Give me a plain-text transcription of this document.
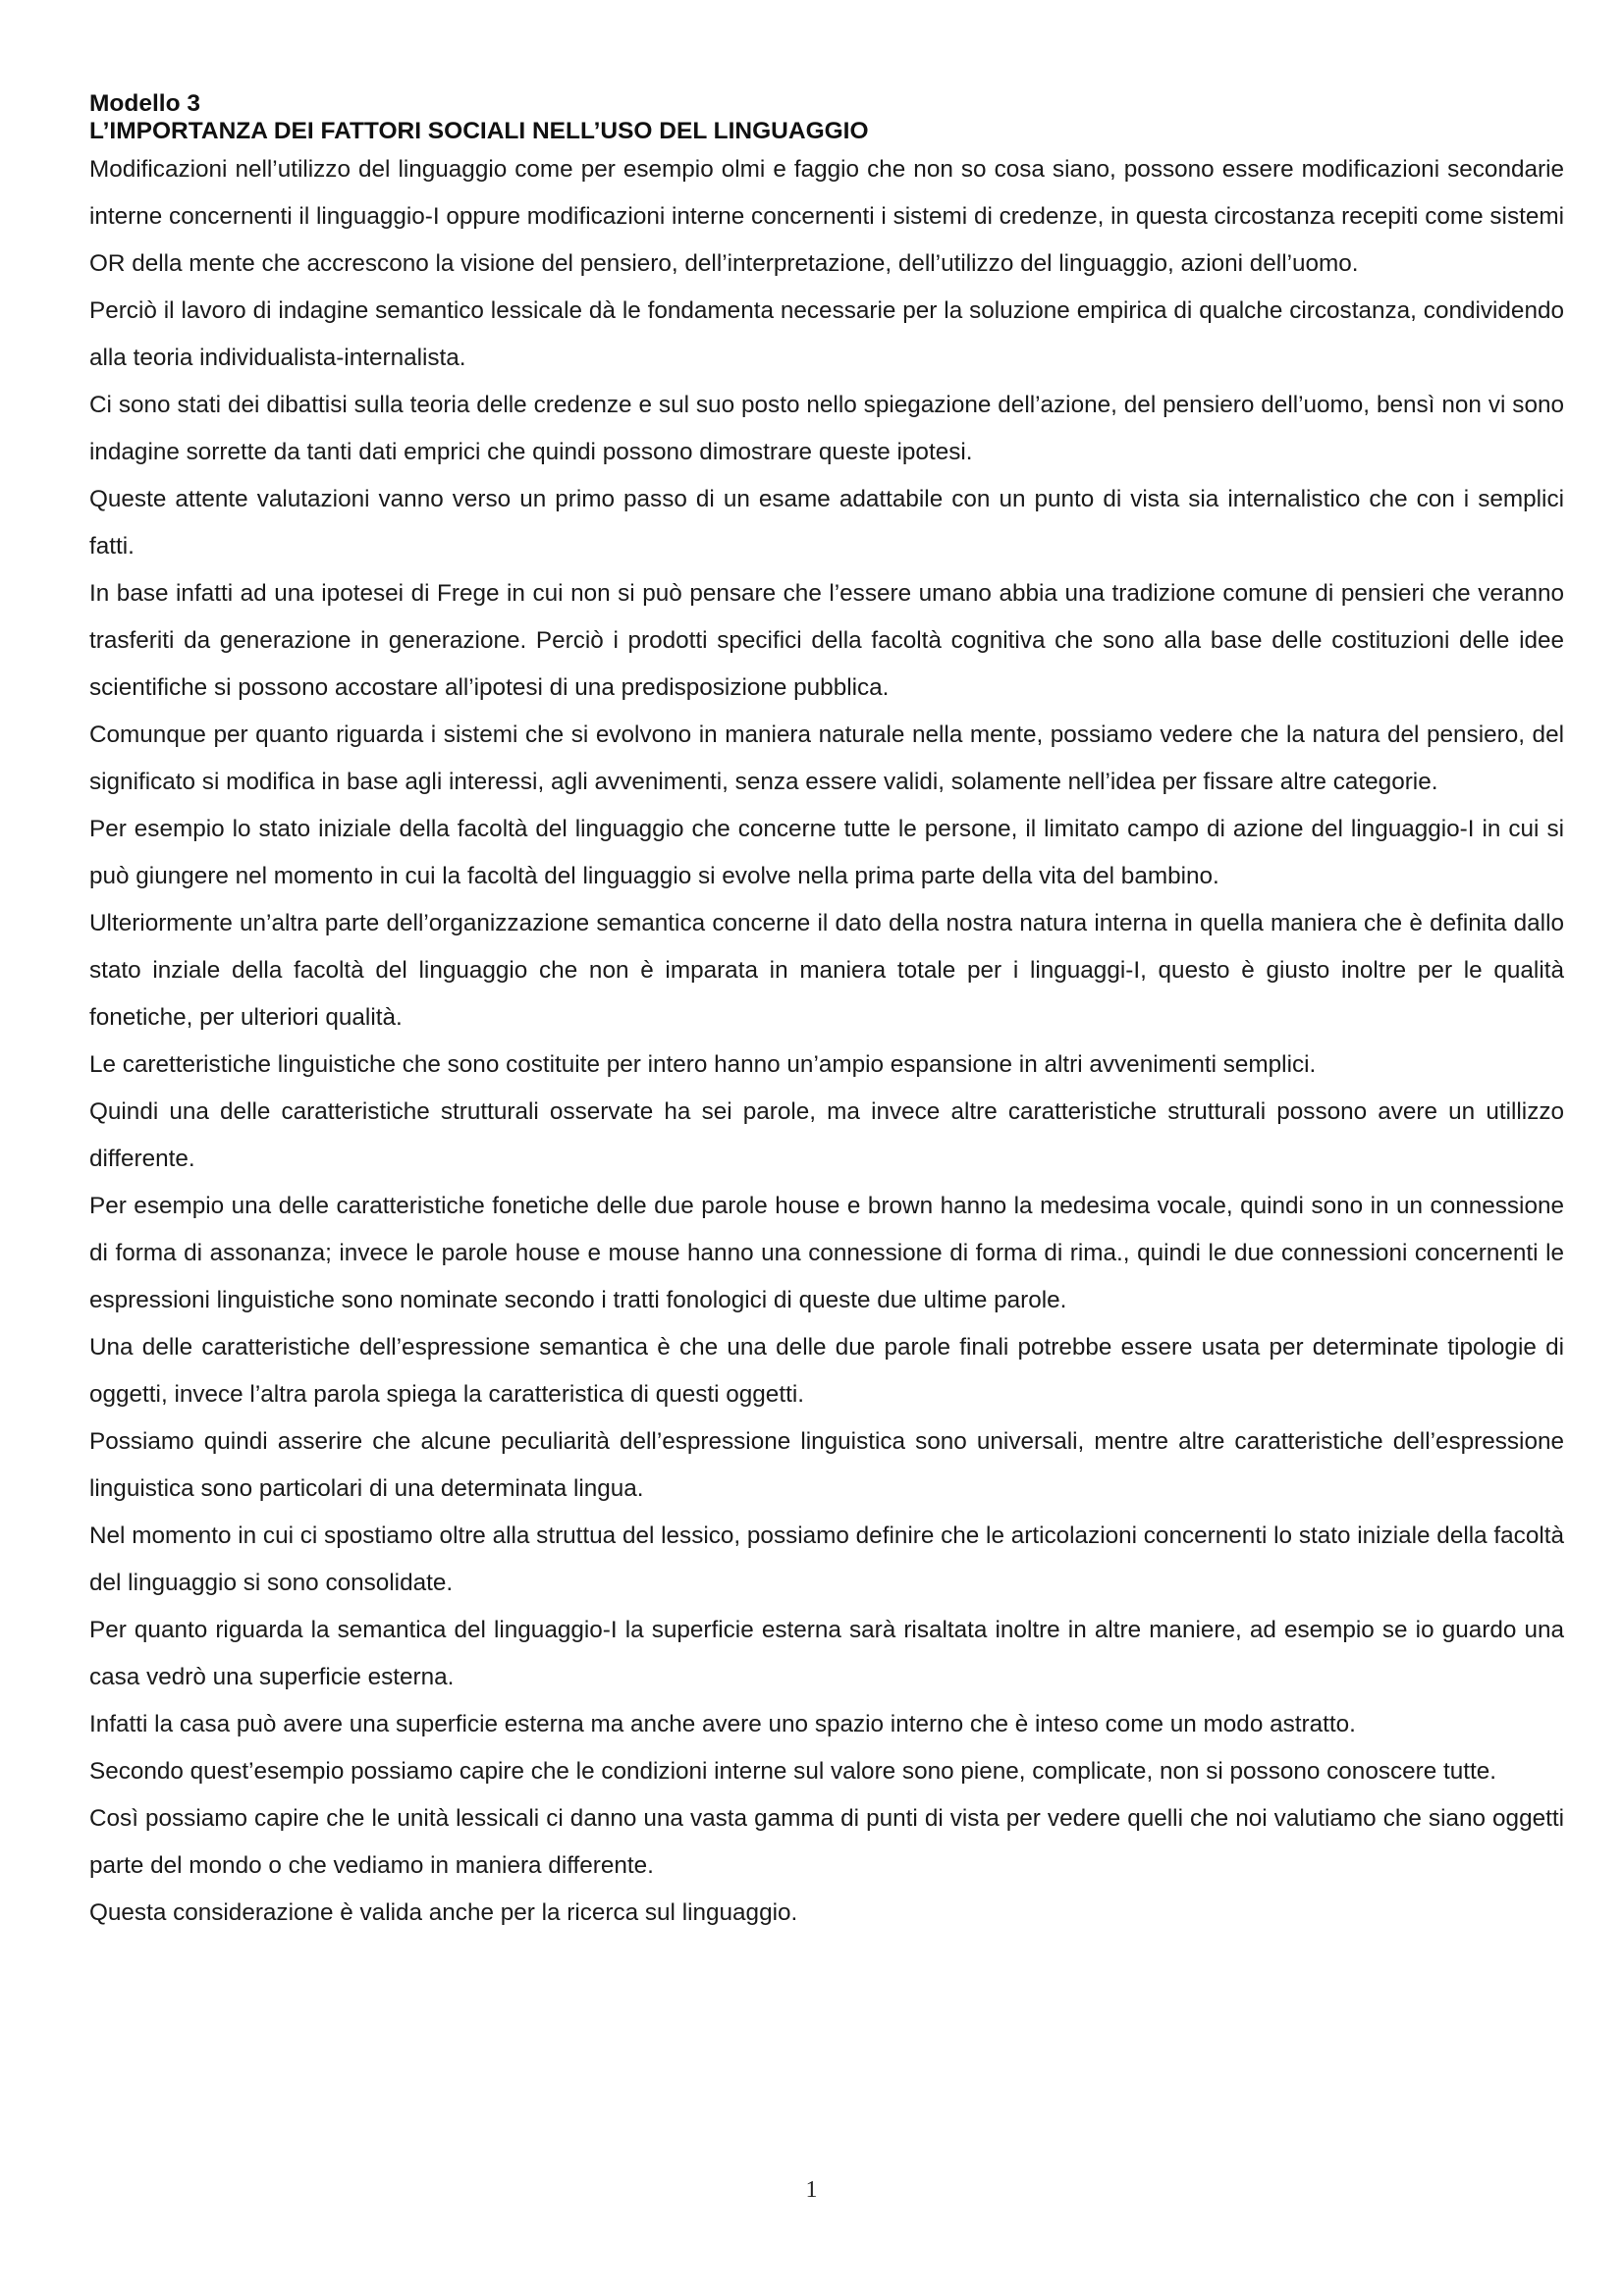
Modello 3

L’IMPORTANZA DEI FATTORI SOCIALI NELL’USO DEL LINGUAGGIO

Modificazioni nell’utilizzo del linguaggio come per esempio olmi e faggio che non so cosa siano, possono essere modificazioni secondarie interne concernenti il linguaggio-I oppure modificazioni interne concernenti i sistemi di credenze, in questa circostanza recepiti come sistemi OR della mente che accrescono la visione del pensiero, dell’interpretazione, dell’utilizzo del linguaggio, azioni dell’uomo.

Perciò il lavoro di indagine semantico lessicale dà le fondamenta necessarie per la soluzione empirica di qualche circostanza, condividendo alla teoria individualista-internalista.

Ci sono stati dei dibattisi sulla teoria delle credenze e sul suo posto nello spiegazione dell’azione, del pensiero dell’uomo, bensì non vi sono indagine sorrette da tanti dati emprici che quindi possono dimostrare queste ipotesi.

Queste attente valutazioni vanno verso un primo passo di un esame adattabile con un punto di vista sia internalistico che con i semplici fatti.

In base infatti ad una ipotesei di Frege in cui non si può pensare che l’essere umano abbia una tradizione comune di pensieri che veranno trasferiti da generazione in generazione. Perciò i prodotti specifici della facoltà cognitiva che sono alla base delle costituzioni delle idee scientifiche si possono accostare all’ipotesi di una predisposizione pubblica.

Comunque per quanto riguarda i sistemi che si evolvono in maniera naturale nella mente, possiamo vedere che la natura del pensiero, del significato si modifica in base agli interessi, agli avvenimenti, senza essere validi, solamente nell’idea per fissare altre categorie.

Per esempio lo stato iniziale della facoltà del linguaggio che concerne tutte le persone, il limitato campo di azione del linguaggio-I in cui si può giungere nel momento in cui la facoltà del linguaggio si evolve nella prima parte della vita del bambino.

Ulteriormente un’altra parte dell’organizzazione semantica concerne il dato della nostra natura interna in quella maniera che è definita dallo stato inziale della facoltà del linguaggio che non è imparata in maniera totale per i linguaggi-I, questo è giusto inoltre per le qualità fonetiche, per ulteriori qualità.

Le caretteristiche linguistiche che sono costituite per intero hanno un’ampio espansione in altri avvenimenti semplici.

Quindi una delle caratteristiche strutturali osservate ha sei parole, ma invece altre caratteristiche strutturali possono avere un utillizzo differente.

Per esempio una delle caratteristiche fonetiche delle due parole house e brown hanno la medesima vocale, quindi sono in un connessione di forma di assonanza; invece le parole house e mouse hanno una connessione di forma di rima., quindi le due connessioni concernenti le espressioni linguistiche sono nominate secondo i tratti fonologici di queste due ultime parole.

Una delle caratteristiche dell’espressione semantica è che una delle due parole finali potrebbe essere usata per determinate tipologie di oggetti, invece l’altra parola spiega la caratteristica di questi oggetti.

Possiamo quindi asserire che alcune peculiarità dell’espressione linguistica sono universali, mentre altre caratteristiche dell’espressione linguistica sono particolari di una determinata lingua.

Nel momento in cui ci spostiamo oltre alla struttua del lessico, possiamo definire che le articolazioni concernenti lo stato iniziale della facoltà del linguaggio si sono consolidate.

Per quanto riguarda la semantica del linguaggio-I la superficie esterna sarà risaltata inoltre in altre maniere, ad esempio se io guardo una casa vedrò una superficie esterna.

Infatti la casa può avere una superficie esterna ma anche avere uno spazio interno che è inteso come un modo astratto.

Secondo quest’esempio possiamo capire che le condizioni interne sul valore sono piene, complicate, non si possono conoscere tutte.

Così possiamo capire che le unità lessicali ci danno una vasta gamma di punti di vista per vedere quelli che noi valutiamo che siano oggetti parte del mondo o che vediamo in maniera differente.

Questa considerazione è valida anche per la ricerca sul linguaggio.

1
